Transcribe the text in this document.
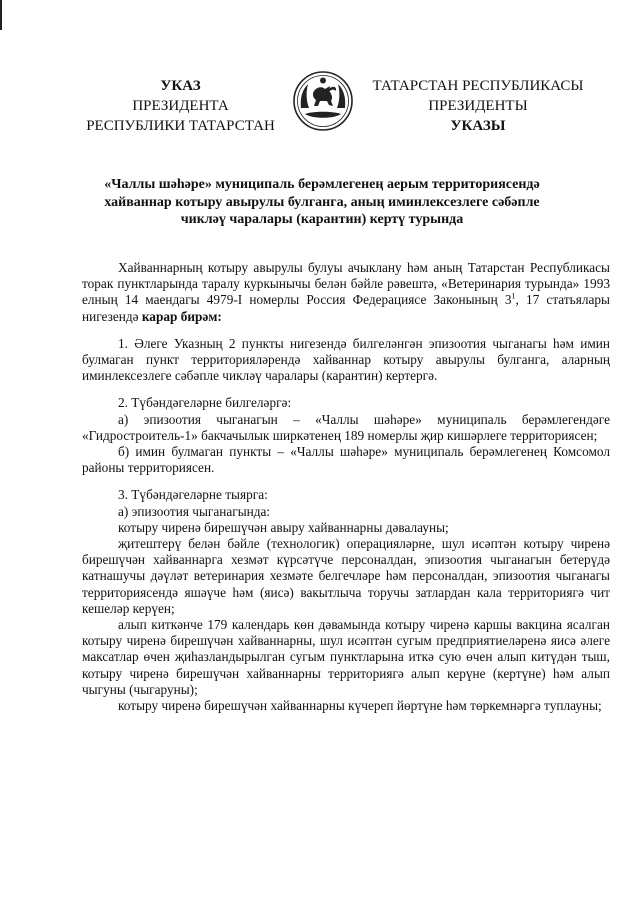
УКАЗ
ПРЕЗИДЕНТА
РЕСПУБЛИКИ ТАТАРСТАН
ТАТАРСТАН РЕСПУБЛИКАСЫ
ПРЕЗИДЕНТЫ
УКАЗЫ
«Чаллы шәһәре» муниципаль берәмлегенең аерым территориясендә
хайваннар котыру авырулы булганга, аның иминлексезлеге сәбәпле
чикләү чаралары (карантин) кертү турында

Хайваннарның котыру авырулы булуы ачыклану һәм аның Татарстан Республикасы торак пунктларында таралу куркынычы белән бәйле рәвештә, «Ветеринария турында» 1993 елның 14 маендагы 4979-I номерлы Россия Федерациясе Законының $3^1$, 17 статьялары нигезендә карар бирәм:

1. Әлеге Указның 2 пункты нигезендә билгеләнгән эпизоотия чыганагы һәм имин булмаган пункт территорияләрендә хайваннар котыру авырулы булганга, аларның иминлексезлеге сәбәпле чикләү чаралары (карантин) кертергә.

2. Түбәндәгеләрне билгеләргә:

а) эпизоотия чыганагын – «Чаллы шәһәре» муниципаль берәмлегендәге «Гидростроитель-1» бакчачылык ширкәтенең 189 номерлы җир кишәрлеге территориясен;

б) имин булмаган пункты – «Чаллы шәһәре» муниципаль берәмлегенең Комсомол районы территориясен.

3. Түбәндәгеләрне тыярга:

а) эпизоотия чыганагында:

котыру чиренә бирешүчән авыру хайваннарны дәвалауны;

җитештерү белән бәйле (технологик) операцияләрне, шул исәптән котыру чиренә бирешүчән хайваннарга хезмәт күрсәтүче персоналдан, эпизоотия чыганагын бетерүдә катнашучы дәүләт ветеринария хезмәте белгечләре һәм персоналдан, эпизоотия чыганагы территориясендә яшәүче һәм (яисә) вакытлыча торучы затлардан кала территориягә чит кешеләр керүен;

алып киткәнче 179 календарь көн дәвамында котыру чиренә каршы вакцина ясалган котыру чиренә бирешүчән хайваннарны, шул исәптән сугым предприятиеләренә яисә әлеге максатлар өчен җиһазландырылган сугым пунктларына иткә сую өчен алып китүдән тыш, котыру чиренә бирешүчән хайваннарны территориягә алып керүне (кертүне) һәм алып чыгуны (чыгаруны);

котыру чиренә бирешүчән хайваннарны күчереп йөртүне һәм төркемнәргә туплауны;
